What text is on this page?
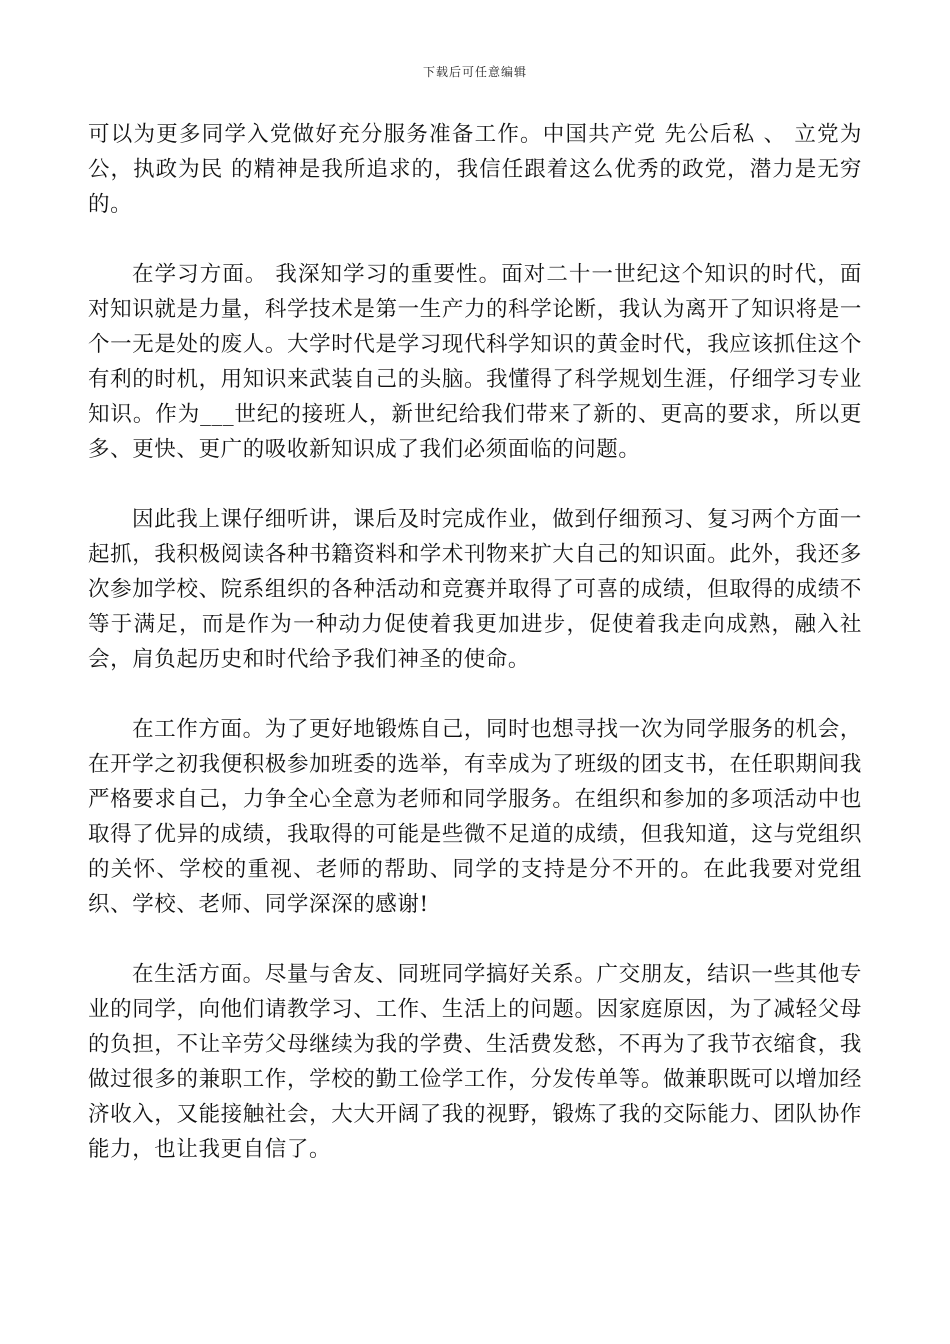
下载后可任意编辑

可以为更多同学入党做好充分服务准备工作。中国共产党 先公后私 、 立党为公，执政为民 的精神是我所追求的，我信任跟着这么优秀的政党，潜力是无穷的。

在学习方面。 我深知学习的重要性。面对二十一世纪这个知识的时代，面对知识就是力量，科学技术是第一生产力的科学论断，我认为离开了知识将是一个一无是处的废人。大学时代是学习现代科学知识的黄金时代，我应该抓住这个有利的时机，用知识来武装自己的头脑。我懂得了科学规划生涯，仔细学习专业知识。作为___世纪的接班人，新世纪给我们带来了新的、更高的要求，所以更多、更快、更广的吸收新知识成了我们必须面临的问题。

因此我上课仔细听讲，课后及时完成作业，做到仔细预习、复习两个方面一起抓，我积极阅读各种书籍资料和学术刊物来扩大自己的知识面。此外，我还多次参加学校、院系组织的各种活动和竞赛并取得了可喜的成绩，但取得的成绩不等于满足，而是作为一种动力促使着我更加进步，促使着我走向成熟，融入社会，肩负起历史和时代给予我们神圣的使命。

在工作方面。为了更好地锻炼自己，同时也想寻找一次为同学服务的机会，在开学之初我便积极参加班委的选举，有幸成为了班级的团支书，在任职期间我严格要求自己，力争全心全意为老师和同学服务。在组织和参加的多项活动中也取得了优异的成绩，我取得的可能是些微不足道的成绩，但我知道，这与党组织的关怀、学校的重视、老师的帮助、同学的支持是分不开的。在此我要对党组织、学校、老师、同学深深的感谢!

在生活方面。尽量与舍友、同班同学搞好关系。广交朋友，结识一些其他专业的同学，向他们请教学习、工作、生活上的问题。因家庭原因，为了减轻父母的负担，不让辛劳父母继续为我的学费、生活费发愁，不再为了我节衣缩食，我做过很多的兼职工作，学校的勤工俭学工作，分发传单等。做兼职既可以增加经济收入，又能接触社会，大大开阔了我的视野，锻炼了我的交际能力、团队协作能力，也让我更自信了。
